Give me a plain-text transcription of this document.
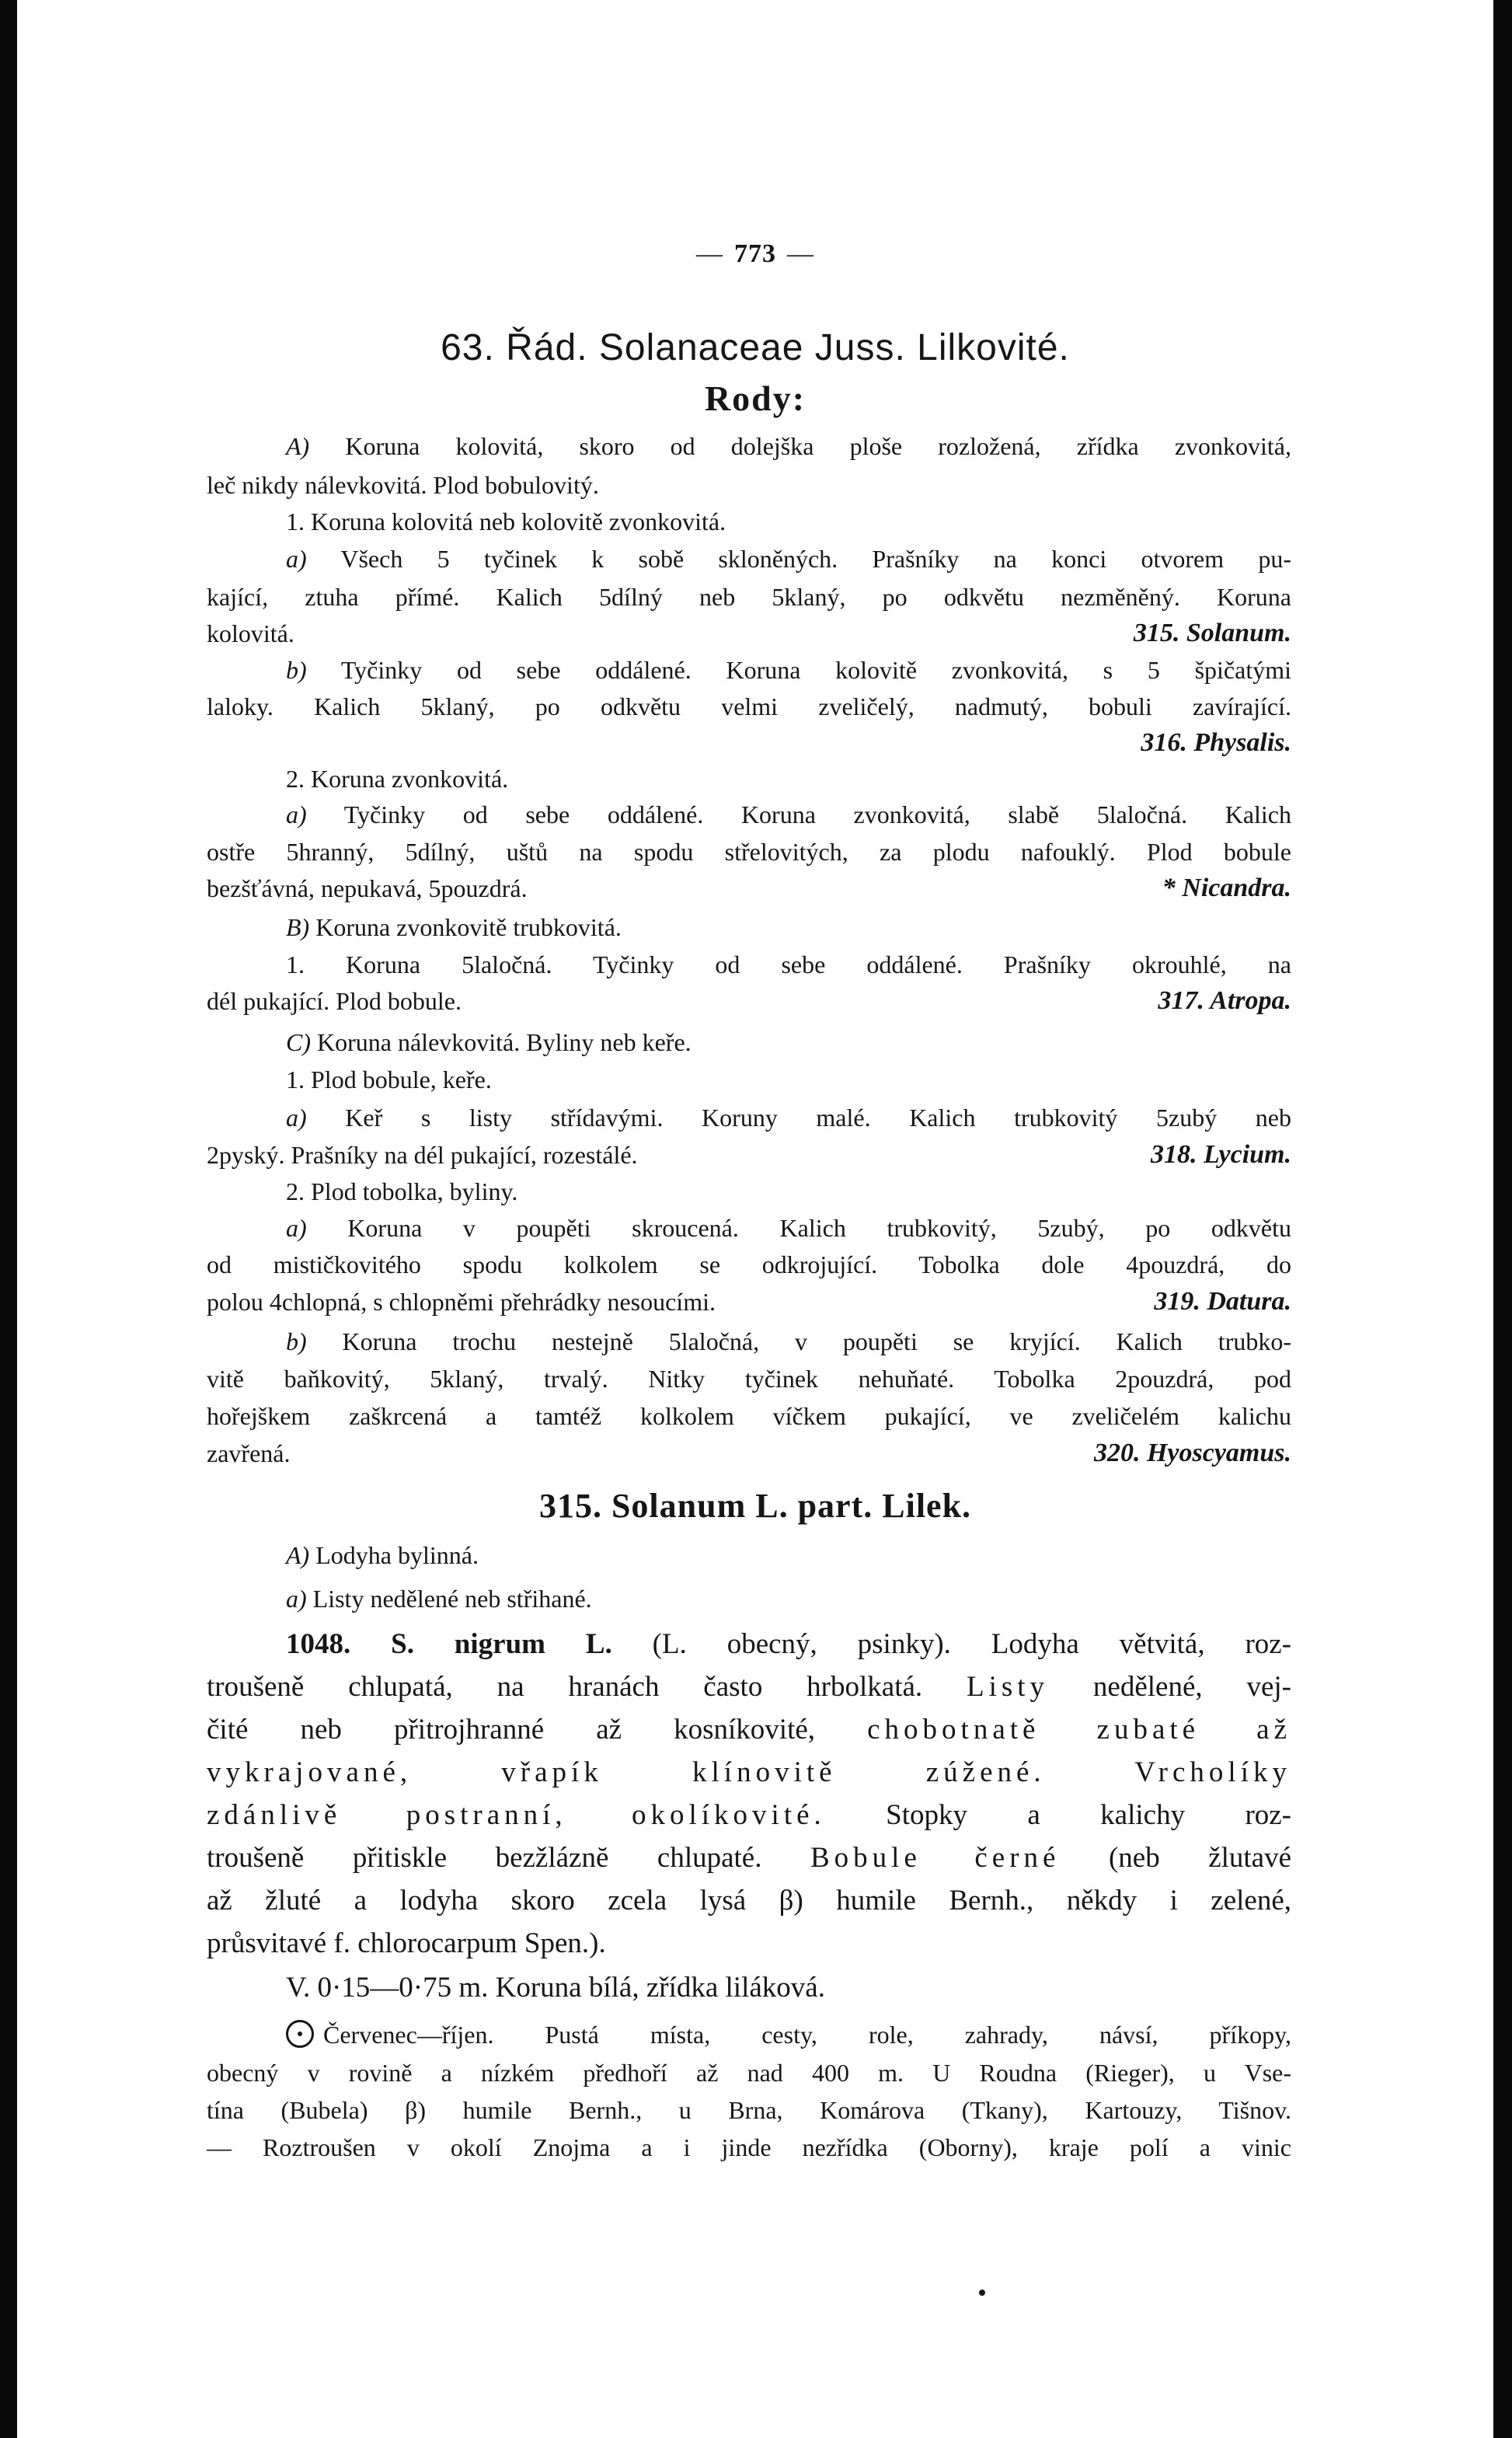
— 773 —
63. Řád. Solanaceae Juss. Lilkovité.
Rody:
A) Koruna kolovitá, skoro od dolejška ploše rozložená, zřídka zvonkovitá,
leč nikdy nálevkovitá. Plod bobulovitý.
1. Koruna kolovitá neb kolovitě zvonkovitá.
a) Všech 5 tyčinek k sobě skloněných. Prašníky na konci otvorem pu-
kající, ztuha přímé. Kalich 5dílný neb 5klaný, po odkvětu nezměněný. Koruna
kolovitá.	315. Solanum.
b) Tyčinky od sebe oddálené. Koruna kolovitě zvonkovitá, s 5 špičatými
laloky. Kalich 5klaný, po odkvětu velmi zveličelý, nadmutý, bobuli zavírající.
316. Physalis.
2. Koruna zvonkovitá.
a) Tyčinky od sebe oddálené. Koruna zvonkovitá, slabě 5laločná. Kalich
ostře 5hranný, 5dílný, uštů na spodu střelovitých, za plodu nafouklý. Plod bobule
bezšťávná, nepukavá, 5pouzdrá.	* Nicandra.
B) Koruna zvonkovitě trubkovitá.
1. Koruna 5laločná. Tyčinky od sebe oddálené. Prašníky okrouhlé, na
dél pukající. Plod bobule.	317. Atropa.
C) Koruna nálevkovitá. Byliny neb keře.
1. Plod bobule, keře.
a) Keř s listy střídavými. Koruny malé. Kalich trubkovitý 5zubý neb
2pyský. Prašníky na dél pukající, rozestálé.	318. Lycium.
2. Plod tobolka, byliny.
a) Koruna v poupěti skroucená. Kalich trubkovitý, 5zubý, po odkvětu
od mističkovitého spodu kolkolem se odkrojující. Tobolka dole 4pouzdrá, do
polou 4chlopná, s chlopněmi přehrádky nesoucími.	319. Datura.
b) Koruna trochu nestejně 5laločná, v poupěti se kryjící. Kalich trubko-
vitě baňkovitý, 5klaný, trvalý. Nitky tyčinek nehuňaté. Tobolka 2pouzdrá, pod
hořejškem zaškrcená a tamtéž kolkolem víčkem pukající, ve zveličelém kalichu
zavřená.	320. Hyoscyamus.
315. Solanum L. part. Lilek.
A) Lodyha bylinná.
a) Listy nedělené neb střihané.
1048. S. nigrum L. (L. obecný, psinky). Lodyha větvitá, roz-
troušeně chlupatá, na hranách často hrbolkatá. Listy nedělené, vej-
čité neb přitrojhranné až kosníkovité, chobotnatě zubaté až
vykrajované, vřapík klínovitě zúžené. Vrcholíky
zdánlivě postranní, okolíkovité. Stopky a kalichy roz-
troušeně přitiskle bezžláznĕ chlupaté. Bobule černé (neb žlutavé
až žluté a lodyha skoro zcela lysá β) humile Bernh., někdy i zelené,
průsvitavé f. chlorocarpum Spen.).
V. 0·15—0·75 m. Koruna bílá, zřídka liláková.
Červenec—říjen. Pustá místa, cesty, role, zahrady, návsí, příkopy,
obecný v rovině a nízkém předhoří až nad 400 m. U Roudna (Rieger), u Vse-
tína (Bubela) β) humile Bernh., u Brna, Komárova (Tkany), Kartouzy, Tišnov.
— Roztroušen v okolí Znojma a i jinde nezřídka (Oborny), kraje polí a vinic
